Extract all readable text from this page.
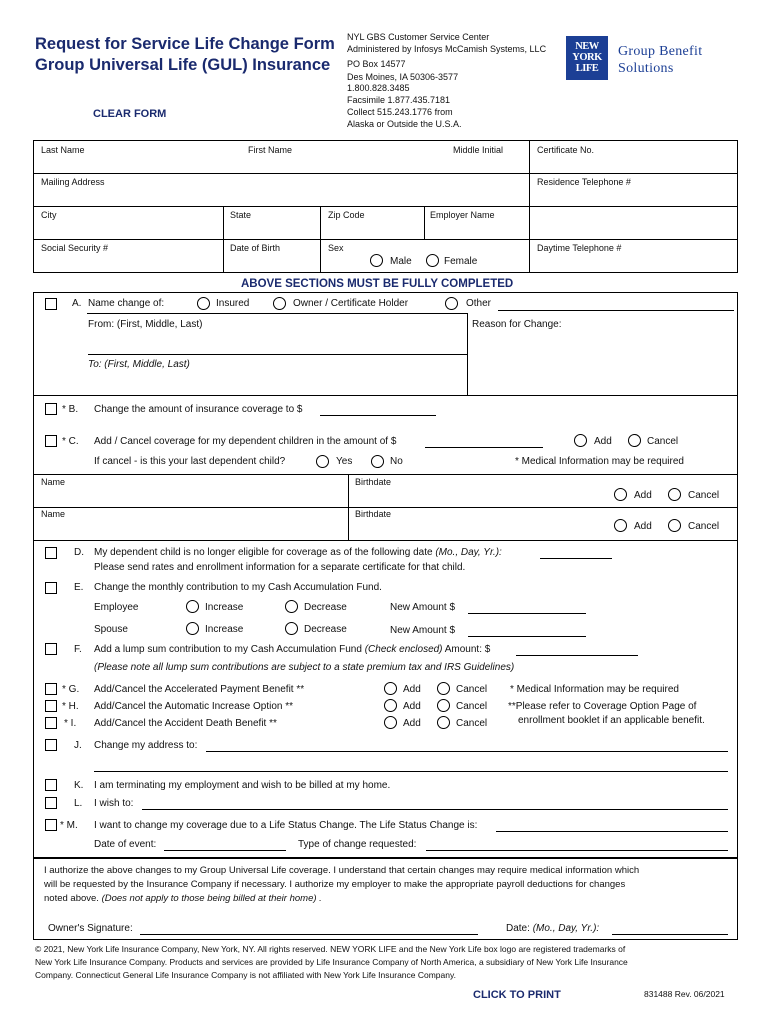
Request for Service Life Change Form
Group Universal Life (GUL) Insurance
CLEAR FORM
NYL GBS Customer Service Center
Administered by Infosys McCamish Systems, LLC
PO Box 14577
Des Moines, IA 50306-3577
1.800.828.3485
Facsimile 1.877.435.7181
Collect 515.243.1776 from
Alaska or Outside the U.S.A.
NEW
YORK
LIFE
Group Benefit
Solutions
Last Name	First Name	Middle Initial	Certificate No.
Mailing Address	Residence Telephone #
City	State	Zip Code	Employer Name
Social Security #	Date of Birth	Sex
Male	Female
Daytime Telephone #
ABOVE SECTIONS MUST BE FULLY COMPLETED
A. Name change of:	Insured	Owner / Certificate Holder	Other
From: (First, Middle, Last)	Reason for Change:
To: (First, Middle, Last)
* B. Change the amount of insurance coverage to $
* C. Add / Cancel coverage for my dependent children in the amount of $	Add	Cancel
If cancel - is this your last dependent child?	Yes	No	* Medical Information may be required
Name	Birthdate
Add	Cancel
Name	Birthdate
Add	Cancel
D. My dependent child is no longer eligible for coverage as of the following date (Mo., Day, Yr.):
Please send rates and enrollment information for a separate certificate for that child.
E. Change the monthly contribution to my Cash Accumulation Fund.
Employee	Increase	Decrease	New Amount $
Spouse	Increase	Decrease	New Amount $
F. Add a lump sum contribution to my Cash Accumulation Fund (Check enclosed) Amount: $
(Please note all lump sum contributions are subject to a state premium tax and IRS Guidelines)
* G. Add/Cancel the Accelerated Payment Benefit **	Add	Cancel
* H. Add/Cancel the Automatic Increase Option **	Add	Cancel
* I. Add/Cancel the Accident Death Benefit **	Add	Cancel
* Medical Information may be required
**Please refer to Coverage Option Page of
enrollment booklet if an applicable benefit.
J. Change my address to:
K. I am terminating my employment and wish to be billed at my home.
L. I wish to:
* M. I want to change my coverage due to a Life Status Change. The Life Status Change is:
Date of event:	Type of change requested:
I authorize the above changes to my Group Universal Life coverage. I understand that certain changes may require medical information which
will be requested by the Insurance Company if necessary. I authorize my employer to make the appropriate payroll deductions for changes
noted above. (Does not apply to those being billed at their home) .
Owner's Signature:	Date: (Mo., Day, Yr.):
© 2021, New York Life Insurance Company, New York, NY. All rights reserved. NEW YORK LIFE and the New York Life box logo are registered trademarks of
New York Life Insurance Company. Products and services are provided by Life Insurance Company of North America, a subsidiary of New York Life Insurance
Company. Connecticut General Life Insurance Company is not affiliated with New York Life Insurance Company.
CLICK TO PRINT	831488 Rev. 06/2021
